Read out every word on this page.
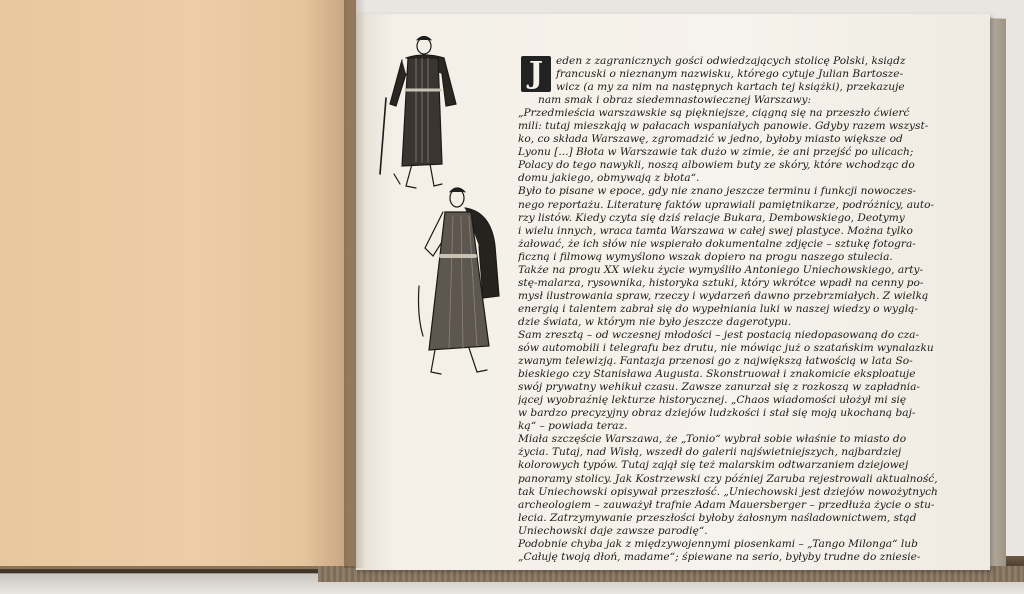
J	eden z zagranicznych gości odwiedzających stolicę Polski, ksiądz
francuski o nieznanym nazwisku, którego cytuje Julian Bartosze-
wicz (a my za nim na następnych kartach tej książki), przekazuje
nam smak i obraz siedemnastowiecznej Warszawy:
„Przedmieścia warszawskie są piękniejsze, ciągną się na przeszło ćwierć
mili: tutaj mieszkają w pałacach wspaniałych panowie. Gdyby razem wszyst-
ko, co składa Warszawę, zgromadzić w jedno, byłoby miasto większe od
Lyonu [...] Błota w Warszawie tak dużo w zimie, że ani przejść po ulicach;
Polacy do tego nawykli, noszą albowiem buty ze skóry, które wchodząc do
domu jakiego, obmywają z błota“.
Było to pisane w epoce, gdy nie znano jeszcze terminu i funkcji nowoczes-
nego reportażu. Literaturę faktów uprawiali pamiętnikarze, podróżnicy, auto-
rzy listów. Kiedy czyta się dziś relacje Bukara, Dembowskiego, Deotymy
i wielu innych, wraca tamta Warszawa w całej swej plastyce. Można tylko
żałować, że ich słów nie wspierało dokumentalne zdjęcie – sztukę fotogra-
ficzną i filmową wymyślono wszak dopiero na progu naszego stulecia.
Także na progu XX wieku życie wymyśliło Antoniego Uniechowskiego, arty-
stę-malarza, rysownika, historyka sztuki, który wkrótce wpadł na cenny po-
mysł ilustrowania spraw, rzeczy i wydarzeń dawno przebrzmiałych. Z wielką
energią i talentem zabrał się do wypełniania luki w naszej wiedzy o wyglą-
dzie świata, w którym nie było jeszcze dagerotypu.
Sam zresztą – od wczesnej młodości – jest postacią niedopasowaną do cza-
sów automobili i telegrafu bez drutu, nie mówiąc już o szatańskim wynalazku
zwanym telewizją. Fantazja przenosi go z największą łatwością w lata So-
bieskiego czy Stanisława Augusta. Skonstruował i znakomicie eksploatuje
swój prywatny wehikuł czasu. Zawsze zanurzał się z rozkoszą w zapładnia-
jącej wyobraźnię lekturze historycznej. „Chaos wiadomości ułożył mi się
w bardzo precyzyjny obraz dziejów ludzkości i stał się moją ukochaną baj-
ką“ – powiada teraz.
Miała szczęście Warszawa, że „Tonio“ wybrał sobie właśnie to miasto do
życia. Tutaj, nad Wisłą, wszedł do galerii najświetniejszych, najbardziej
kolorowych typów. Tutaj zajął się też malarskim odtwarzaniem dziejowej
panoramy stolicy. Jak Kostrzewski czy później Zaruba rejestrowali aktualność,
tak Uniechowski opisywał przeszłość. „Uniechowski jest dziejów nowożytnych
archeologiem – zauważył trafnie Adam Mauersberger – przedłuża życie o stu-
lecia. Zatrzymywanie przeszłości byłoby żałosnym naśladownictwem, stąd
Uniechowski daje zawsze parodię“.
Podobnie chyba jak z międzywojennymi piosenkami – „Tango Milonga“ lub
„Całuję twoją dłoń, madame“; śpiewane na serio, byłyby trudne do zniesie-
